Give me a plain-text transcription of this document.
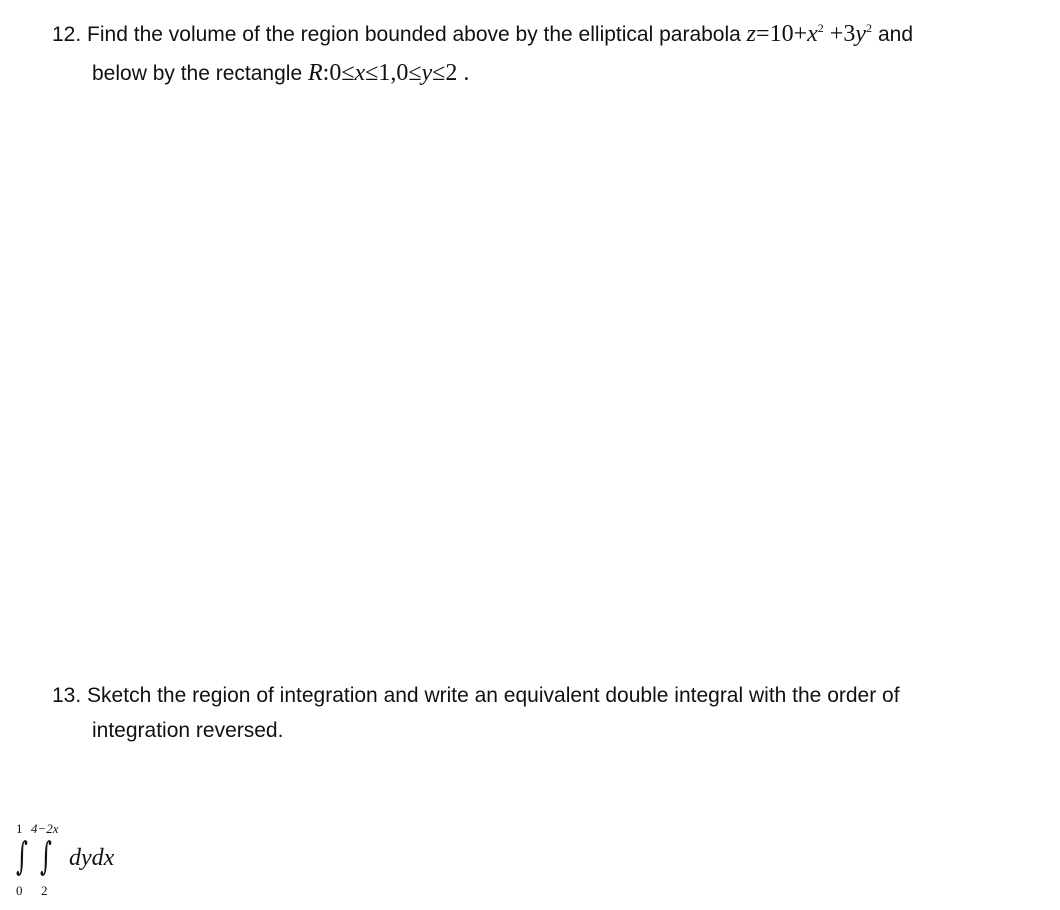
12. Find the volume of the region bounded above by the elliptical parabola $z=10+x^2 +3y^2$ and
below by the rectangle R:0≤x≤1,0≤y≤2 .
13. Sketch the region of integration and write an equivalent double integral with the order of
integration reversed.
1 4−2x
∫ ∫ dydx
0 2
